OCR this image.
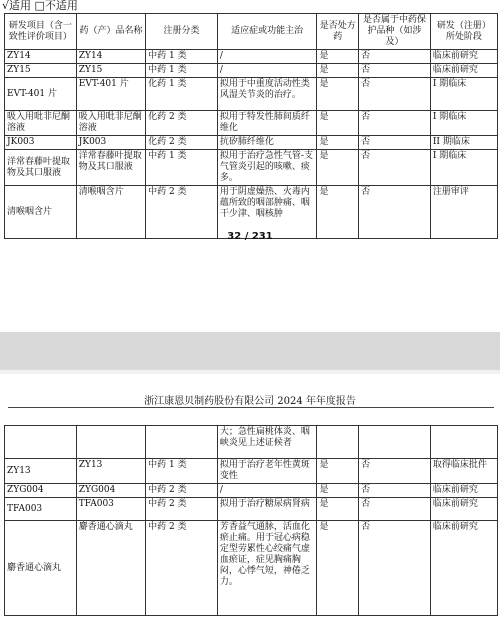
√适用 □不适用
研发项目（含一致性评价项目）	药（产）品名称	注册分类	适应症或功能主治	是否处方药	是否属于中药保护品种（如涉及）	研发（注册）所处阶段
ZY14	ZY14	中药 1 类	/	是	否	临床前研究
ZY15	ZY15	中药 1 类	/	是	否	临床前研究
EVT-401 片	EVT-401 片	化药 1 类	拟用于中重度活动性类风湿关节炎的治疗。	是	否	I 期临床
吸入用吡非尼酮溶液	吸入用吡非尼酮溶液	化药 2 类	拟用于特发性肺间质纤维化	是	否	I 期临床
JK003	JK003	化药 2 类	抗矽肺纤维化	是	否	II 期临床
洋常春藤叶提取物及其口服液	洋常春藤叶提取物及其口服液	中药 1 类	拟用于治疗急性气管-支气管炎引起的咳嗽、痰多。	是	否	I 期临床
清喉咽含片	清喉咽含片	中药 2 类	用于阴虚燥热、火毒内蕴所致的咽部肿痛、咽干少津、咽核肿	是	否	注册审评
32 / 231
浙江康恩贝制药股份有限公司 2024 年年度报告
			大；急性扁桃体炎、咽峡炎见上述证候者			
ZY13	ZY13	中药 1 类	拟用于治疗老年性黄斑变性	是	否	取得临床批件
ZYG004	ZYG004	中药 2 类	/	是	否	临床前研究
TFA003	TFA003	中药 2 类	拟用于治疗糖尿病肾病	是	否	临床前研究
麝香通心滴丸	麝香通心滴丸	中药 2 类	芳香益气通脉，活血化瘀止痛。用于冠心病稳定型劳累性心绞痛气虚血瘀证，症见胸痛胸闷，心悸气短，神倦乏力。	是	否	临床前研究
